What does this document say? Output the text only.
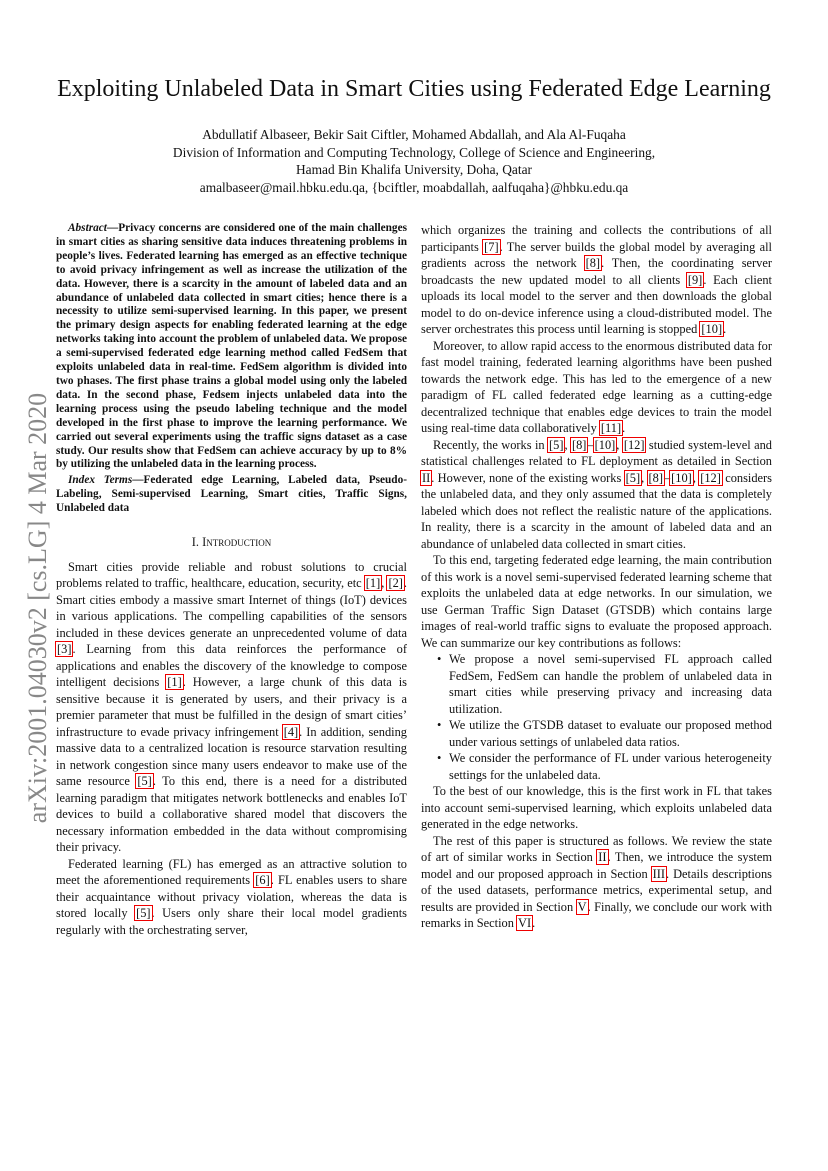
arXiv:2001.04030v2 [cs.LG] 4 Mar 2020
Exploiting Unlabeled Data in Smart Cities using Federated Edge Learning
Abdullatif Albaseer, Bekir Sait Ciftler, Mohamed Abdallah, and Ala Al-Fuqaha
Division of Information and Computing Technology, College of Science and Engineering,
Hamad Bin Khalifa University, Doha, Qatar
amalbaseer@mail.hbku.edu.qa, {bciftler, moabdallah, aalfuqaha}@hbku.edu.qa

Abstract—Privacy concerns are considered one of the main challenges in smart cities as sharing sensitive data induces threatening problems in people’s lives. Federated learning has emerged as an effective technique to avoid privacy infringement as well as increase the utilization of the data. However, there is a scarcity in the amount of labeled data and an abundance of unlabeled data collected in smart cities; hence there is a necessity to utilize semi-supervised learning. In this paper, we present the primary design aspects for enabling federated learning at the edge networks taking into account the problem of unlabeled data. We propose a semi-supervised federated edge learning method called FedSem that exploits unlabeled data in real-time. FedSem algorithm is divided into two phases. The first phase trains a global model using only the labeled data. In the second phase, Fedsem injects unlabeled data into the learning process using the pseudo labeling technique and the model developed in the first phase to improve the learning performance. We carried out several experiments using the traffic signs dataset as a case study. Our results show that FedSem can achieve accuracy by up to 8% by utilizing the unlabeled data in the learning process.

Index Terms—Federated edge Learning, Labeled data, Pseudo-Labeling, Semi-supervised Learning, Smart cities, Traffic Signs, Unlabeled data

I. Introduction

Smart cities provide reliable and robust solutions to crucial problems related to traffic, healthcare, education, security, etc [1], [2]. Smart cities embody a massive smart Internet of things (IoT) devices in various applications. The compelling capabilities of the sensors included in these devices generate an unprecedented volume of data [3]. Learning from this data reinforces the performance of applications and enables the discovery of the knowledge to compose intelligent decisions [1]. However, a large chunk of this data is sensitive because it is generated by users, and their privacy is a premier parameter that must be fulfilled in the design of smart cities’ infrastructure to evade privacy infringement [4]. In addition, sending massive data to a centralized location is resource starvation resulting in network congestion since many users endeavor to make use of the same resource [5]. To this end, there is a need for a distributed learning paradigm that mitigates network bottlenecks and enables IoT devices to build a collaborative shared model that discovers the necessary information embedded in the data without compromising their privacy.

Federated learning (FL) has emerged as an attractive solution to meet the aforementioned requirements [6]. FL enables users to share their acquaintance without privacy violation, whereas the data is stored locally [5]. Users only share their local model gradients regularly with the orchestrating server,

which organizes the training and collects the contributions of all participants [7]. The server builds the global model by averaging all gradients across the network [8]. Then, the coordinating server broadcasts the new updated model to all clients [9]. Each client uploads its local model to the server and then downloads the global model to do on-device inference using a cloud-distributed model. The server orchestrates this process until learning is stopped [10].

Moreover, to allow rapid access to the enormous distributed data for fast model training, federated learning algorithms have been pushed towards the network edge. This has led to the emergence of a new paradigm of FL called federated edge learning as a cutting-edge decentralized technique that enables edge devices to train the model using real-time data collaboratively [11].

Recently, the works in [5], [8]–[10], [12] studied system-level and statistical challenges related to FL deployment as detailed in Section II. However, none of the existing works [5], [8]–[10], [12] considers the unlabeled data, and they only assumed that the data is completely labeled which does not reflect the realistic nature of the applications. In reality, there is a scarcity in the amount of labeled data and an abundance of unlabeled data collected in smart cities.

To this end, targeting federated edge learning, the main contribution of this work is a novel semi-supervised federated learning scheme that exploits the unlabeled data at edge networks. In our simulation, we use German Traffic Sign Dataset (GTSDB) which contains large images of real-world traffic signs to evaluate the proposed approach. We can summarize our key contributions as follows:

• We propose a novel semi-supervised FL approach called FedSem, FedSem can handle the problem of unlabeled data in smart cities while preserving privacy and increasing data utilization.
• We utilize the GTSDB dataset to evaluate our proposed method under various settings of unlabeled data ratios.
• We consider the performance of FL under various heterogeneity settings for the unlabeled data.

To the best of our knowledge, this is the first work in FL that takes into account semi-supervised learning, which exploits unlabeled data generated in the edge networks.

The rest of this paper is structured as follows. We review the state of art of similar works in Section II. Then, we introduce the system model and our proposed approach in Section III. Details descriptions of the used datasets, performance metrics, experimental setup, and results are provided in Section V. Finally, we conclude our work with remarks in Section VI.
